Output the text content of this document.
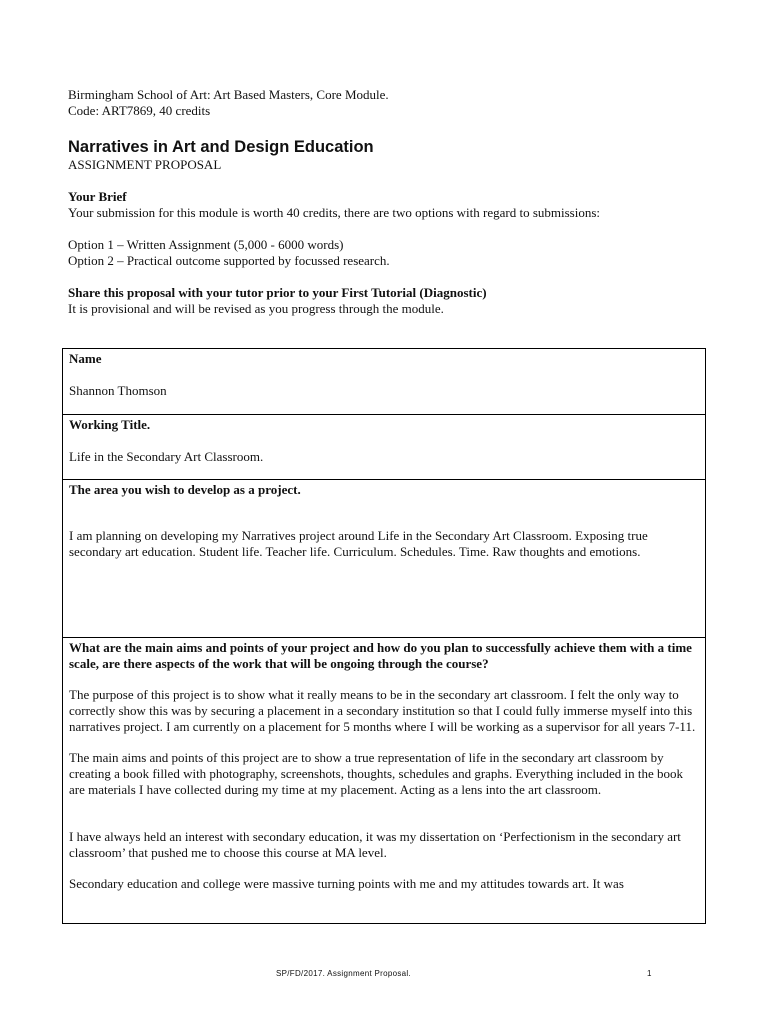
Birmingham School of Art: Art Based Masters, Core Module.

Code: ART7869, 40 credits

Narratives in Art and Design Education

ASSIGNMENT PROPOSAL

Your Brief

Your submission for this module is worth 40 credits, there are two options with regard to submissions:

Option 1 – Written Assignment (5,000 - 6000 words)

Option 2 – Practical outcome supported by focussed research.

Share this proposal with your tutor prior to your First Tutorial (Diagnostic)

It is provisional and will be revised as you progress through the module.

Name

Shannon Thomson

Working Title.

Life in the Secondary Art Classroom.

The area you wish to develop as a project.

I am planning on developing my Narratives project around Life in the Secondary Art Classroom. Exposing true secondary art education. Student life. Teacher life. Curriculum. Schedules. Time. Raw thoughts and emotions.

What are the main aims and points of your project and how do you plan to successfully achieve them with a time scale, are there aspects of the work that will be ongoing through the course?

The purpose of this project is to show what it really means to be in the secondary art classroom. I felt the only way to correctly show this was by securing a placement in a secondary institution so that I could fully immerse myself into this narratives project. I am currently on a placement for 5 months where I will be working as a supervisor for all years 7-11.

The main aims and points of this project are to show a true representation of life in the secondary art classroom by creating a book filled with photography, screenshots, thoughts, schedules and graphs. Everything included in the book are materials I have collected during my time at my placement. Acting as a lens into the art classroom.

I have always held an interest with secondary education, it was my dissertation on ‘Perfectionism in the secondary art classroom’ that pushed me to choose this course at MA level.

Secondary education and college were massive turning points with me and my attitudes towards art. It was

SP/FD/2017. Assignment Proposal.	1
